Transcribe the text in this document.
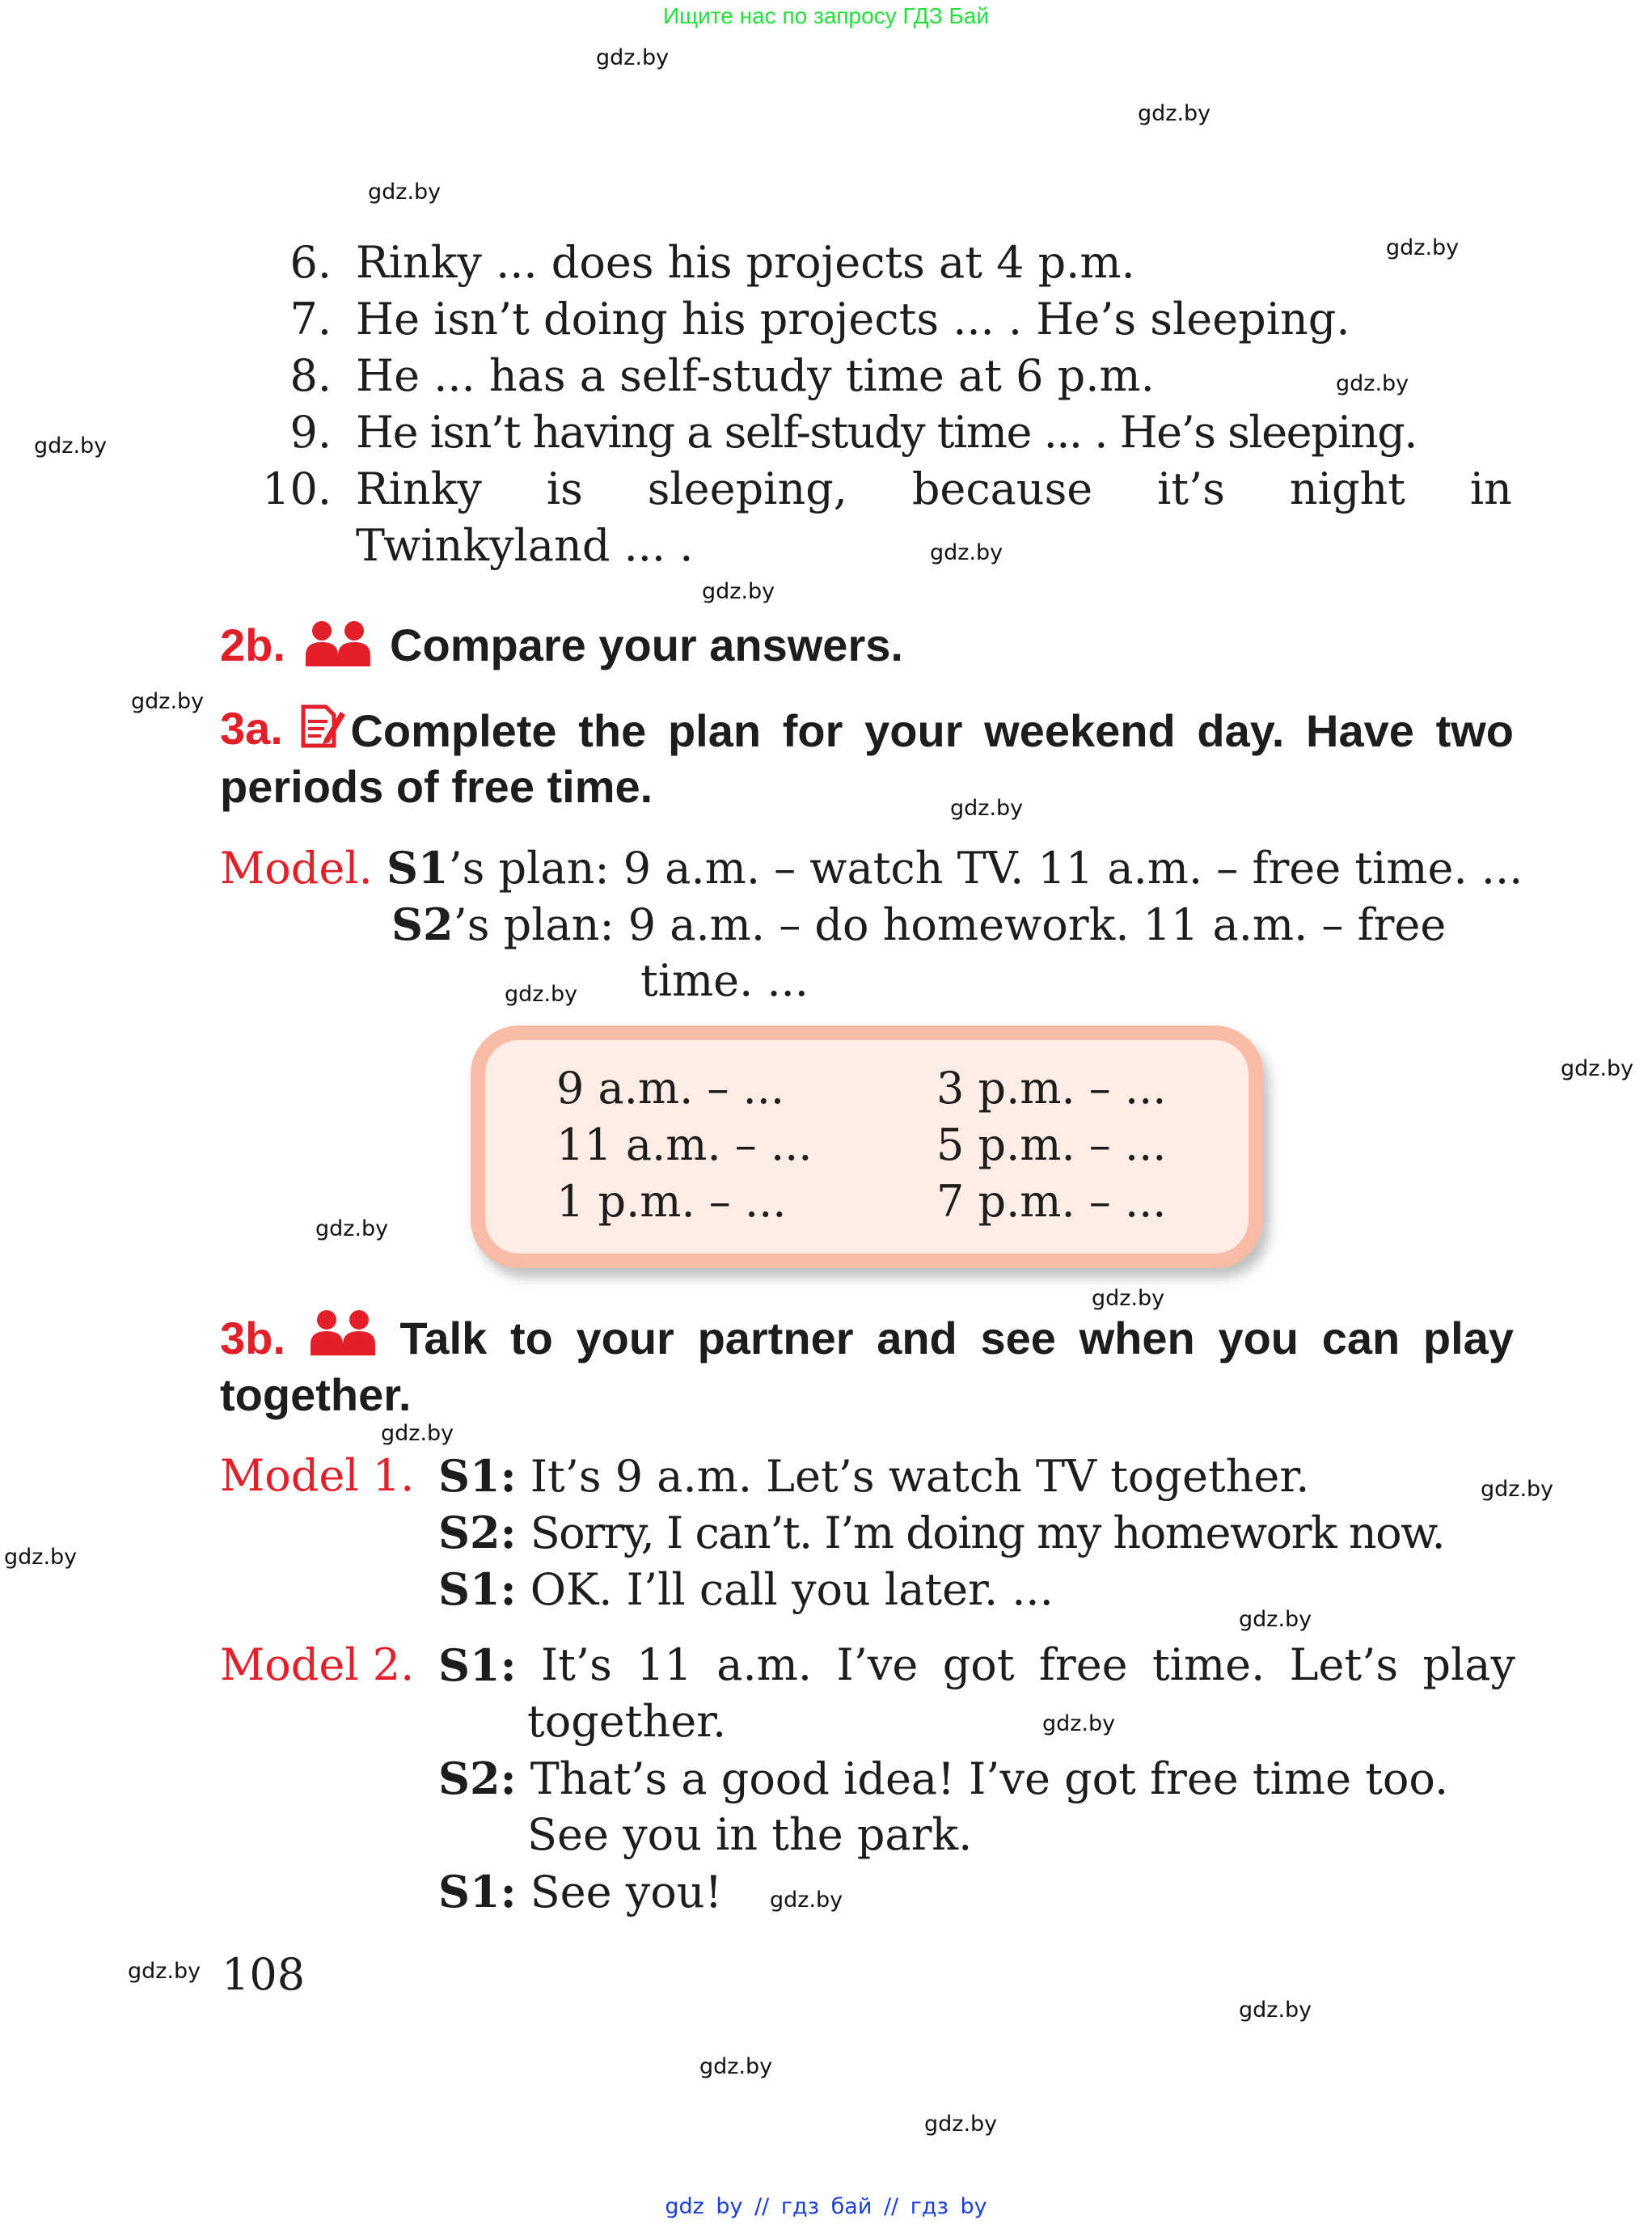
Ищите нас по запросу ГДЗ Бай
gdz.by
gdz.by
gdz.by
gdz.by
gdz.by
gdz.by
gdz.by
gdz.by
gdz.by
gdz.by
gdz.by
gdz.by
gdz.by
gdz.by
gdz.by
gdz.by
gdz.by
gdz.by
gdz.by
gdz.by
gdz.by
gdz.by
gdz.by
gdz.by
6. Rinky ... does his projects at 4 p.m.
7. He isn’t doing his projects ... . He’s sleeping.
8. He ... has a self-study time at 6 p.m.
9. He isn’t having a self-study time ... . He’s sleeping.
10. Rinky is sleeping, because it’s night in
Twinkyland ... .
2b. Compare your answers.
3a.	Complete the plan for your weekend day. Have two
periods of free time.
Model. S1’s plan: 9 a.m. – watch TV. 11 a.m. – free time. ...
S2’s plan: 9 a.m. – do homework. 11 a.m. – free
time. ...
9 a.m. – ...
11 a.m. – ...
1 p.m. – ...
3 p.m. – ...
5 p.m. – ...
7 p.m. – ...
3b.	Talk to your partner and see when you can play
together.
Model 1. S1: It’s 9 a.m. Let’s watch TV together.
S2: Sorry, I can’t. I’m doing my homework now.
S1: OK. I’ll call you later. ...
Model 2. S1: It’s 11 a.m. I’ve got free time. Let’s play
together.
S2: That’s a good idea! I’ve got free time too.
See you in the park.
S1: See you!
108
gdz by // гдз бай // гдз by
